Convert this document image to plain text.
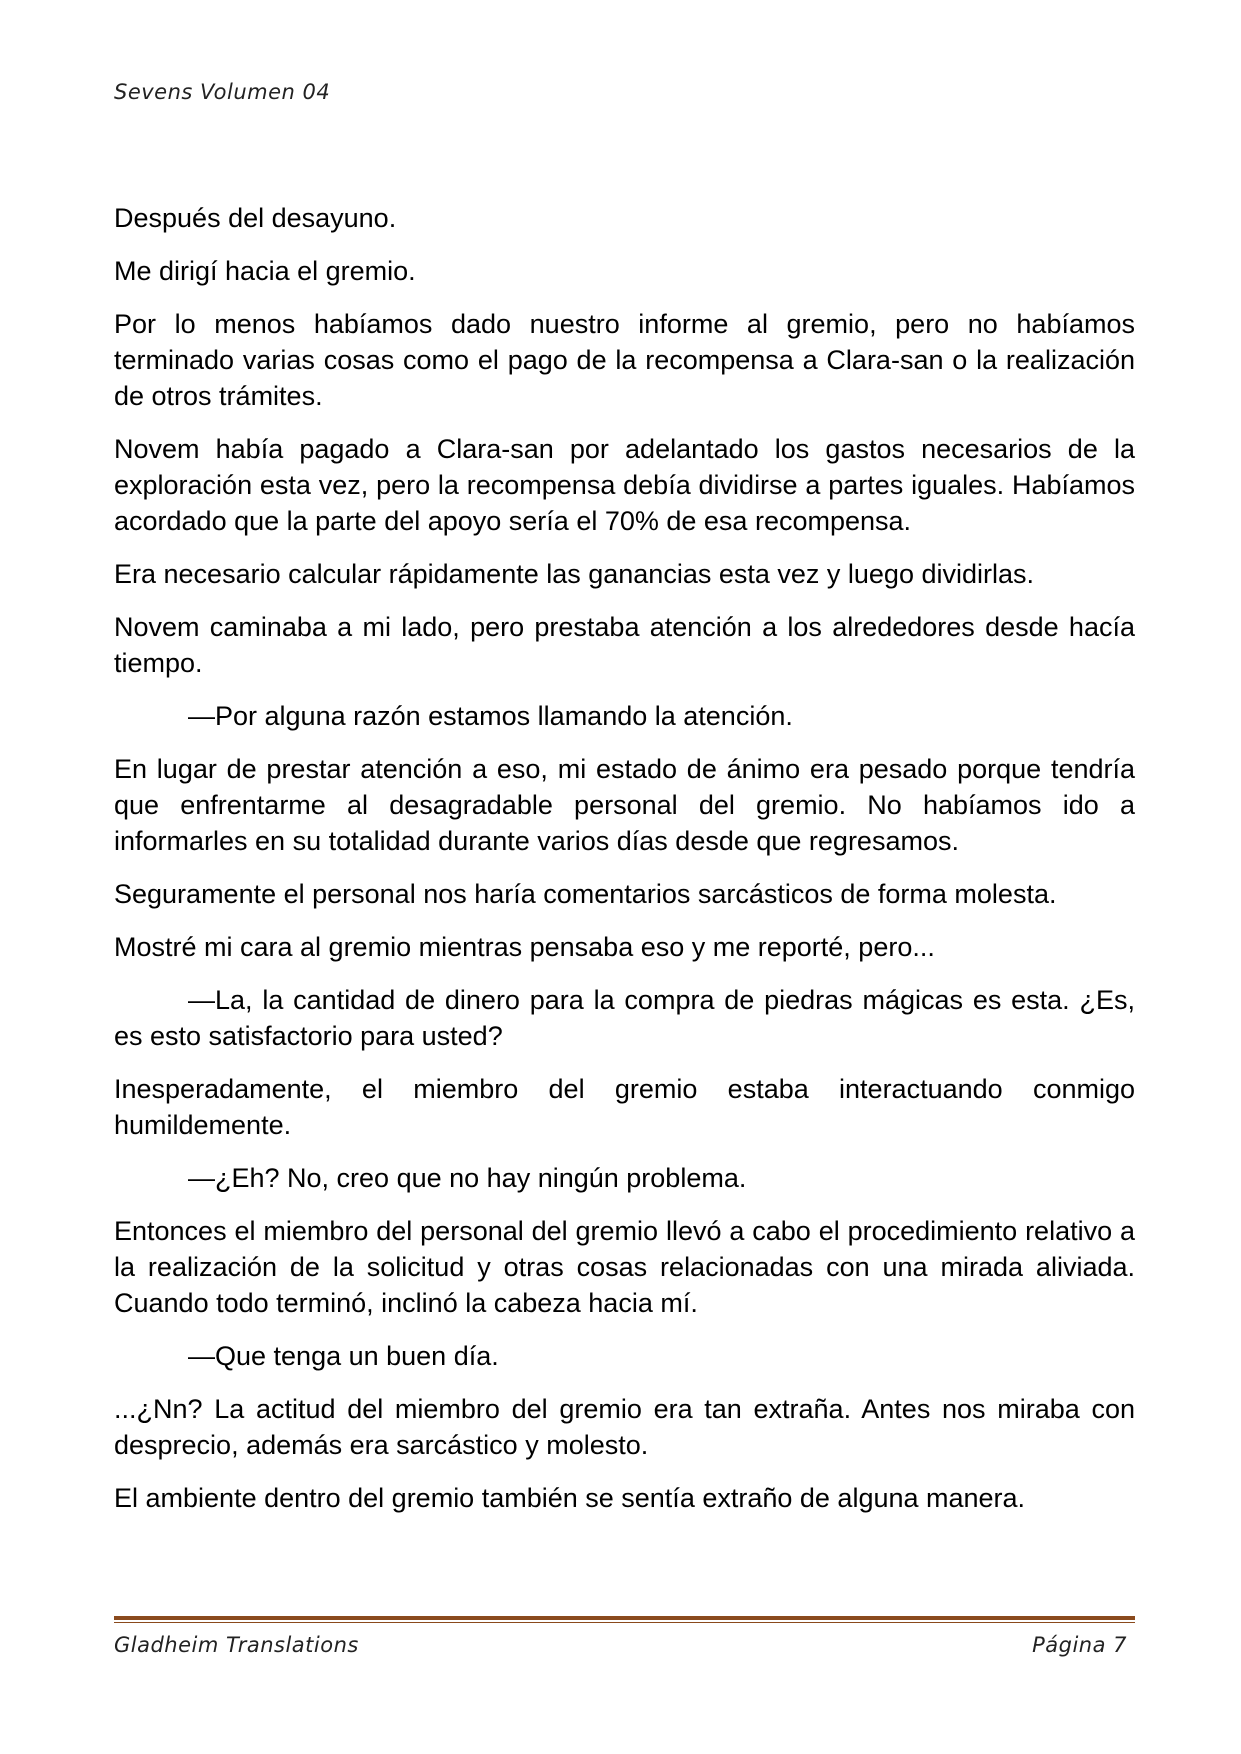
Sevens Volumen 04

Después del desayuno.

Me dirigí hacia el gremio.

Por lo menos habíamos dado nuestro informe al gremio, pero no habíamos terminado varias cosas como el pago de la recompensa a Clara-san o la realización de otros trámites.

Novem había pagado a Clara-san por adelantado los gastos necesarios de la exploración esta vez, pero la recompensa debía dividirse a partes iguales. Habíamos acordado que la parte del apoyo sería el 70% de esa recompensa.

Era necesario calcular rápidamente las ganancias esta vez y luego dividirlas.

Novem caminaba a mi lado, pero prestaba atención a los alrededores desde hacía tiempo.

—Por alguna razón estamos llamando la atención.

En lugar de prestar atención a eso, mi estado de ánimo era pesado porque tendría que enfrentarme al desagradable personal del gremio. No habíamos ido a informarles en su totalidad durante varios días desde que regresamos.

Seguramente el personal nos haría comentarios sarcásticos de forma molesta.

Mostré mi cara al gremio mientras pensaba eso y me reporté, pero...

—La, la cantidad de dinero para la compra de piedras mágicas es esta. ¿Es, es esto satisfactorio para usted?

Inesperadamente, el miembro del gremio estaba interactuando conmigo humildemente.

—¿Eh? No, creo que no hay ningún problema.

Entonces el miembro del personal del gremio llevó a cabo el procedimiento relativo a la realización de la solicitud y otras cosas relacionadas con una mirada aliviada. Cuando todo terminó, inclinó la cabeza hacia mí.

—Que tenga un buen día.

...¿Nn? La actitud del miembro del gremio era tan extraña. Antes nos miraba con desprecio, además era sarcástico y molesto.

El ambiente dentro del gremio también se sentía extraño de alguna manera.

Gladheim Translations	Página 7
